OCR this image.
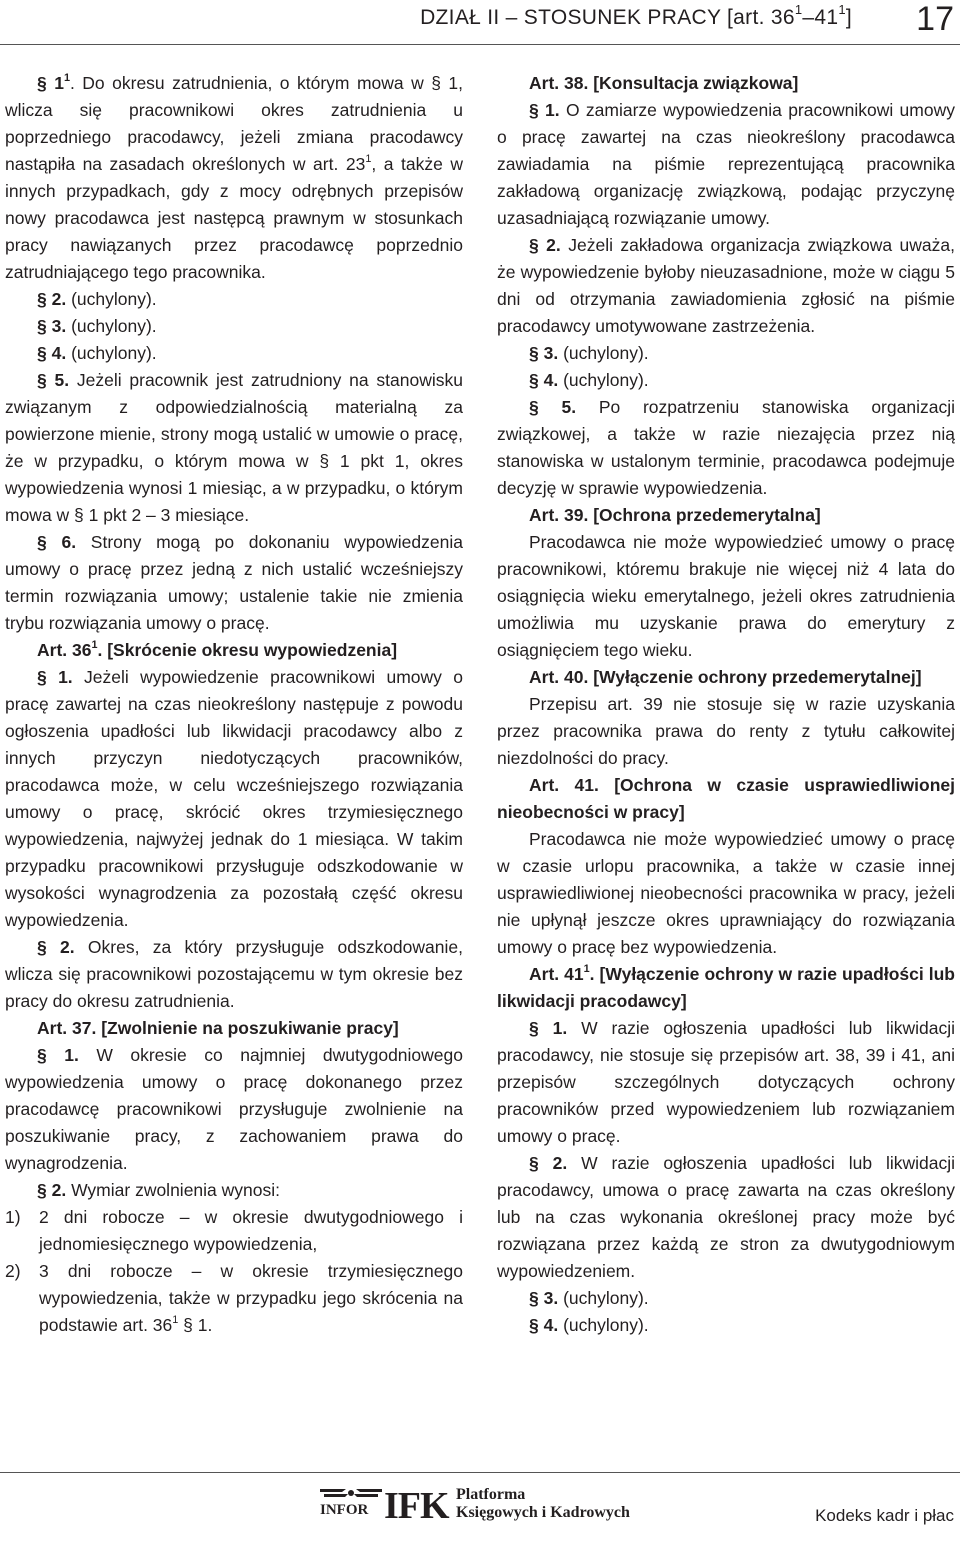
DZIAŁ II – STOSUNEK PRACY [art. $36^1-41^1$] 17

§ $1^1$. Do okresu zatrudnienia, o którym mowa w § 1, wlicza się pracownikowi okres zatrudnienia u poprzedniego pracodawcy, jeżeli zmiana pracodawcy nastąpiła na zasadach określonych w art. $23^1$, a także w innych przypadkach, gdy z mocy odrębnych przepisów nowy pracodawca jest następcą prawnym w stosunkach pracy nawiązanych przez pracodawcę poprzednio zatrudniającego tego pracownika.

§ 2. (uchylony).

§ 3. (uchylony).

§ 4. (uchylony).

§ 5. Jeżeli pracownik jest zatrudniony na stanowisku związanym z odpowiedzialnością materialną za powierzone mienie, strony mogą ustalić w umowie o pracę, że w przypadku, o którym mowa w § 1 pkt 1, okres wypowiedzenia wynosi 1 miesiąc, a w przypadku, o którym mowa w § 1 pkt 2 – 3 miesiące.

§ 6. Strony mogą po dokonaniu wypowiedzenia umowy o pracę przez jedną z nich ustalić wcześniejszy termin rozwiązania umowy; ustalenie takie nie zmienia trybu rozwiązania umowy o pracę.

Art. $36^1$. [Skrócenie okresu wypowiedzenia]

§ 1. Jeżeli wypowiedzenie pracownikowi umowy o pracę zawartej na czas nieokreślony następuje z powodu ogłoszenia upadłości lub likwidacji pracodawcy albo z innych przyczyn niedotyczących pracowników, pracodawca może, w celu wcześniejszego rozwiązania umowy o pracę, skrócić okres trzymiesięcznego wypowiedzenia, najwyżej jednak do 1 miesiąca. W takim przypadku pracownikowi przysługuje odszkodowanie w wysokości wynagrodzenia za pozostałą część okresu wypowiedzenia.

§ 2. Okres, za który przysługuje odszkodowanie, wlicza się pracownikowi pozostającemu w tym okresie bez pracy do okresu zatrudnienia.

Art. 37. [Zwolnienie na poszukiwanie pracy]

§ 1. W okresie co najmniej dwutygodniowego wypowiedzenia umowy o pracę dokonanego przez pracodawcę pracownikowi przysługuje zwolnienie na poszukiwanie pracy, z zachowaniem prawa do wynagrodzenia.

§ 2. Wymiar zwolnienia wynosi:

1) 2 dni robocze – w okresie dwutygodniowego i jednomiesięcznego wypowiedzenia,
2) 3 dni robocze – w okresie trzymiesięcznego wypowiedzenia, także w przypadku jego skrócenia na podstawie art. $36^1$ § 1.

Art. 38. [Konsultacja związkowa]

§ 1. O zamiarze wypowiedzenia pracownikowi umowy o pracę zawartej na czas nieokreślony pracodawca zawiadamia na piśmie reprezentującą pracownika zakładową organizację związkową, podając przyczynę uzasadniającą rozwiązanie umowy.

§ 2. Jeżeli zakładowa organizacja związkowa uważa, że wypowiedzenie byłoby nieuzasadnione, może w ciągu 5 dni od otrzymania zawiadomienia zgłosić na piśmie pracodawcy umotywowane zastrzeżenia.

§ 3. (uchylony).

§ 4. (uchylony).

§ 5. Po rozpatrzeniu stanowiska organizacji związkowej, a także w razie niezajęcia przez nią stanowiska w ustalonym terminie, pracodawca podejmuje decyzję w sprawie wypowiedzenia.

Art. 39. [Ochrona przedemerytalna]

Pracodawca nie może wypowiedzieć umowy o pracę pracownikowi, któremu brakuje nie więcej niż 4 lata do osiągnięcia wieku emerytalnego, jeżeli okres zatrudnienia umożliwia mu uzyskanie prawa do emerytury z osiągnięciem tego wieku.

Art. 40. [Wyłączenie ochrony przedemerytalnej]

Przepisu art. 39 nie stosuje się w razie uzyskania przez pracownika prawa do renty z tytułu całkowitej niezdolności do pracy.

Art. 41. [Ochrona w czasie usprawiedliwionej nieobecności w pracy]

Pracodawca nie może wypowiedzieć umowy o pracę w czasie urlopu pracownika, a także w czasie innej usprawiedliwionej nieobecności pracownika w pracy, jeżeli nie upłynął jeszcze okres uprawniający do rozwiązania umowy o pracę bez wypowiedzenia.

Art. $41^1$. [Wyłączenie ochrony w razie upadłości lub likwidacji pracodawcy]

§ 1. W razie ogłoszenia upadłości lub likwidacji pracodawcy, nie stosuje się przepisów art. 38, 39 i 41, ani przepisów szczególnych dotyczących ochrony pracowników przed wypowiedzeniem lub rozwiązaniem umowy o pracę.

§ 2. W razie ogłoszenia upadłości lub likwidacji pracodawcy, umowa o pracę zawarta na czas określony lub na czas wykonania określonej pracy może być rozwiązana przez każdą ze stron za dwutygodniowym wypowiedzeniem.

§ 3. (uchylony).

§ 4. (uchylony).

INFOR IFK Platforma
Księgowych i Kadrowych	Kodeks kadr i płac
